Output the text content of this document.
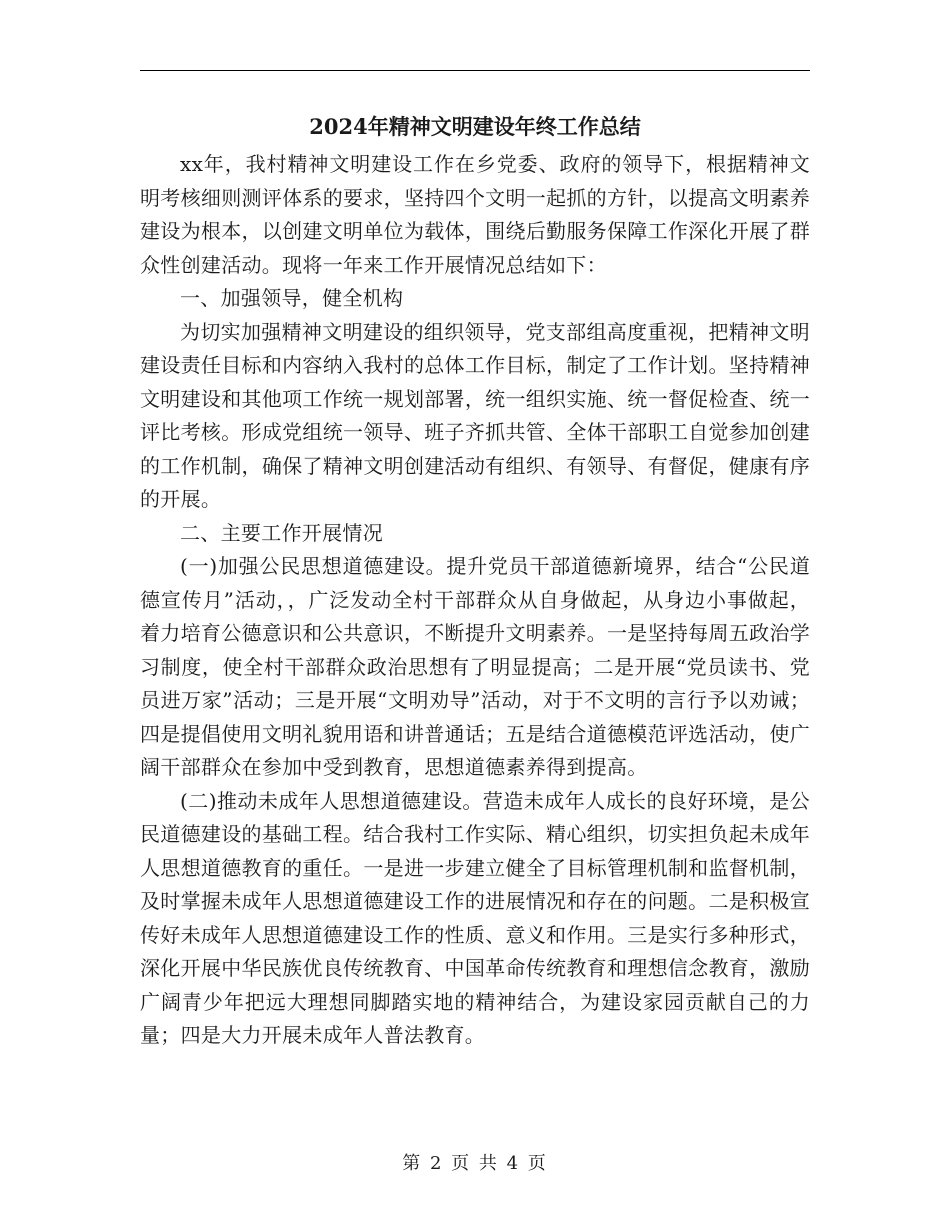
2024年精神文明建设年终工作总结

xx年，我村精神文明建设工作在乡党委、政府的领导下，根据精神文明考核细则测评体系的要求，坚持四个文明一起抓的方针，以提高文明素养建设为根本，以创建文明单位为载体，围绕后勤服务保障工作深化开展了群众性创建活动。现将一年来工作开展情况总结如下：

一、加强领导，健全机构

为切实加强精神文明建设的组织领导，党支部组高度重视，把精神文明建设责任目标和内容纳入我村的总体工作目标，制定了工作计划。坚持精神文明建设和其他项工作统一规划部署，统一组织实施、统一督促检查、统一评比考核。形成党组统一领导、班子齐抓共管、全体干部职工自觉参加创建的工作机制，确保了精神文明创建活动有组织、有领导、有督促，健康有序的开展。

二、主要工作开展情况

(一)加强公民思想道德建设。提升党员干部道德新境界，结合“公民道德宣传月”活动，，广泛发动全村干部群众从自身做起，从身边小事做起，着力培育公德意识和公共意识，不断提升文明素养。一是坚持每周五政治学习制度，使全村干部群众政治思想有了明显提高；二是开展“党员读书、党员进万家”活动；三是开展“文明劝导”活动，对于不文明的言行予以劝诫；四是提倡使用文明礼貌用语和讲普通话；五是结合道德模范评选活动，使广阔干部群众在参加中受到教育，思想道德素养得到提高。

(二)推动未成年人思想道德建设。营造未成年人成长的良好环境，是公民道德建设的基础工程。结合我村工作实际、精心组织，切实担负起未成年人思想道德教育的重任。一是进一步建立健全了目标管理机制和监督机制，及时掌握未成年人思想道德建设工作的进展情况和存在的问题。二是积极宣传好未成年人思想道德建设工作的性质、意义和作用。三是实行多种形式，深化开展中华民族优良传统教育、中国革命传统教育和理想信念教育，激励广阔青少年把远大理想同脚踏实地的精神结合，为建设家园贡献自己的力量；四是大力开展未成年人普法教育。

第 2 页 共 4 页
